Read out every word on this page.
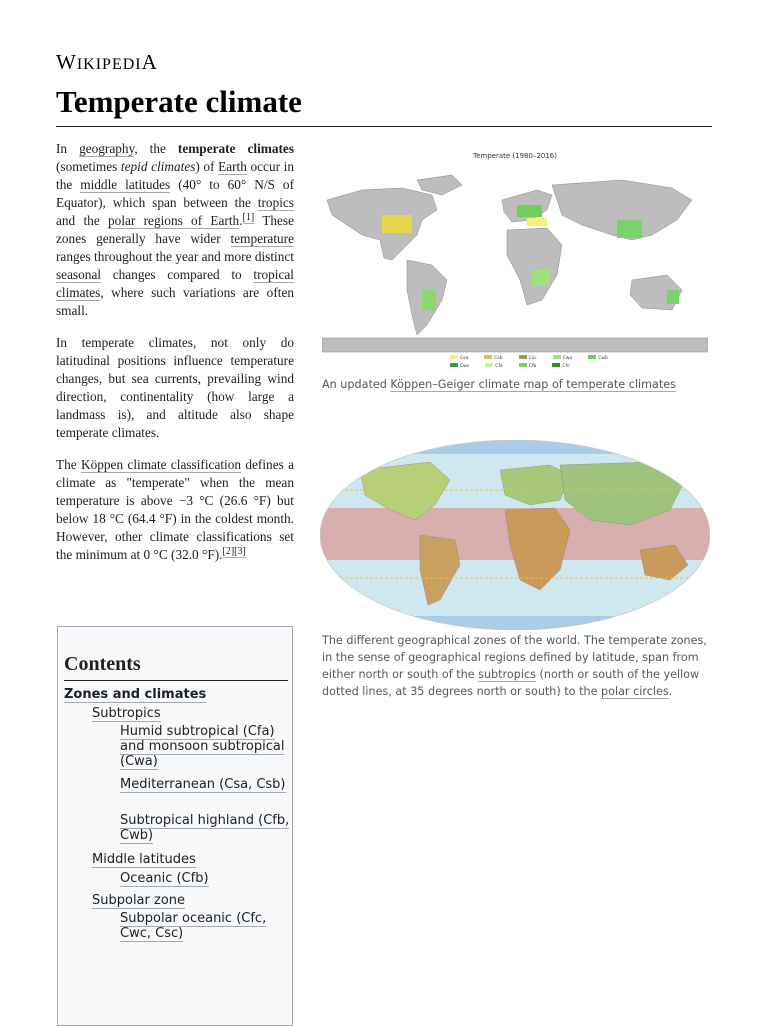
WIKIPEDIA
Temperate climate

In geography, the temperate climates (sometimes tepid climates) of Earth occur in the middle latitudes (40° to 60° N/S of Equator), which span between the tropics and the polar regions of Earth.[1] These zones generally have wider temperature ranges throughout the year and more distinct seasonal changes compared to tropical climates, where such variations are often small.

In temperate climates, not only do latitudinal positions influence temperature changes, but sea currents, prevailing wind direction, continentality (how large a landmass is), and altitude also shape temperate climates.

The Köppen climate classification defines a climate as "temperate" when the mean temperature is above −3 °C (26.6 °F) but below 18 °C (64.4 °F) in the coldest month. However, other climate classifications set the minimum at 0 °C (32.0 °F).[2][3]

Contents
Zones and climates
Subtropics
Humid subtropical (Cfa) and monsoon subtropical (Cwa)
Mediterranean (Csa, Csb)
Subtropical highland (Cfb, Cwb)
Middle latitudes
Oceanic (Cfb)
Subpolar zone
Subpolar oceanic (Cfc, Cwc, Csc)
Temperate (1980–2016)
Csa	Csb	Csc	Cwa	Cwb
Cwc	Cfa	Cfb	Cfc
An updated Köppen–Geiger climate map of temperate climates
The different geographical zones of the world. The temperate zones, in the sense of geographical regions defined by latitude, span from either north or south of the subtropics (north or south of the yellow dotted lines, at 35 degrees north or south) to the polar circles.
